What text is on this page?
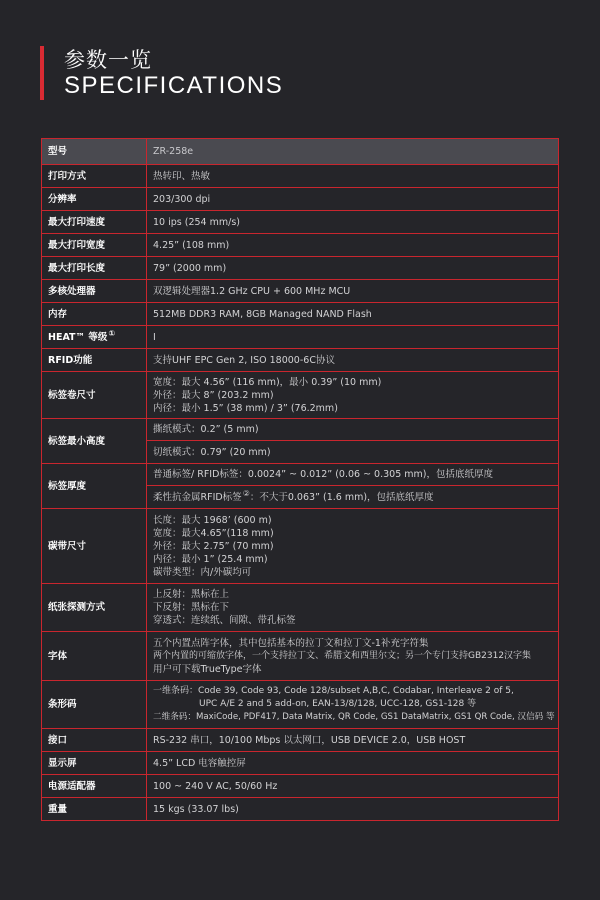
参数一览
SPECIFICATIONS
型号	ZR-258e
打印方式	热转印、热敏
分辨率	203/300 dpi
最大打印速度	10 ips (254 mm/s)
最大打印宽度	4.25” (108 mm)
最大打印长度	79” (2000 mm)
多核处理器	双逻辑处理器1.2 GHz CPU + 600 MHz MCU
内存	512MB DDR3 RAM, 8GB Managed NAND Flash
HEAT™ 等级①	I
RFID功能	支持UHF EPC Gen 2, ISO 18000-6C协议
标签卷尺寸	宽度：最大 4.56” (116 mm)，最小 0.39” (10 mm)
外径：最大 8” (203.2 mm)
内径：最小 1.5” (38 mm) / 3” (76.2mm)

标签最小高度	撕纸模式：0.2” (5 mm)
	切纸模式：0.79” (20 mm)
标签厚度	普通标签/ RFID标签：0.0024” ~ 0.012” (0.06 ~ 0.305 mm)，包括底纸厚度
	柔性抗金属RFID标签②：不大于0.063” (1.6 mm)，包括底纸厚度
碳带尺寸	长度：最大 1968’ (600 m)
宽度：最大4.65”(118 mm)
外径：最大 2.75” (70 mm)
内径：最小 1” (25.4 mm)
碳带类型：内/外碳均可

纸张探测方式	上反射：黑标在上
下反射：黑标在下
穿透式：连续纸、间隙、带孔标签

字体	五个内置点阵字体，其中包括基本的拉丁文和拉丁文-1补充字符集
两个内置的可缩放字体，一个支持拉丁文、希腊文和西里尔文；另一个专门支持GB2312汉字集
用户可下载TrueType字体

条形码	一维条码：Code 39, Code 93, Code 128/subset A,B,C, Codabar, Interleave 2 of 5,
UPC A/E 2 and 5 add-on, EAN-13/8/128, UCC-128, GS1-128 等
二维条码：MaxiCode, PDF417, Data Matrix, QR Code, GS1 DataMatrix, GS1 QR Code, 汉信码 等

接口	RS-232 串口，10/100 Mbps 以太网口，USB DEVICE 2.0，USB HOST
显示屏	4.5” LCD 电容触控屏
电源适配器	100 ~ 240 V AC, 50/60 Hz
重量	15 kgs (33.07 lbs)
